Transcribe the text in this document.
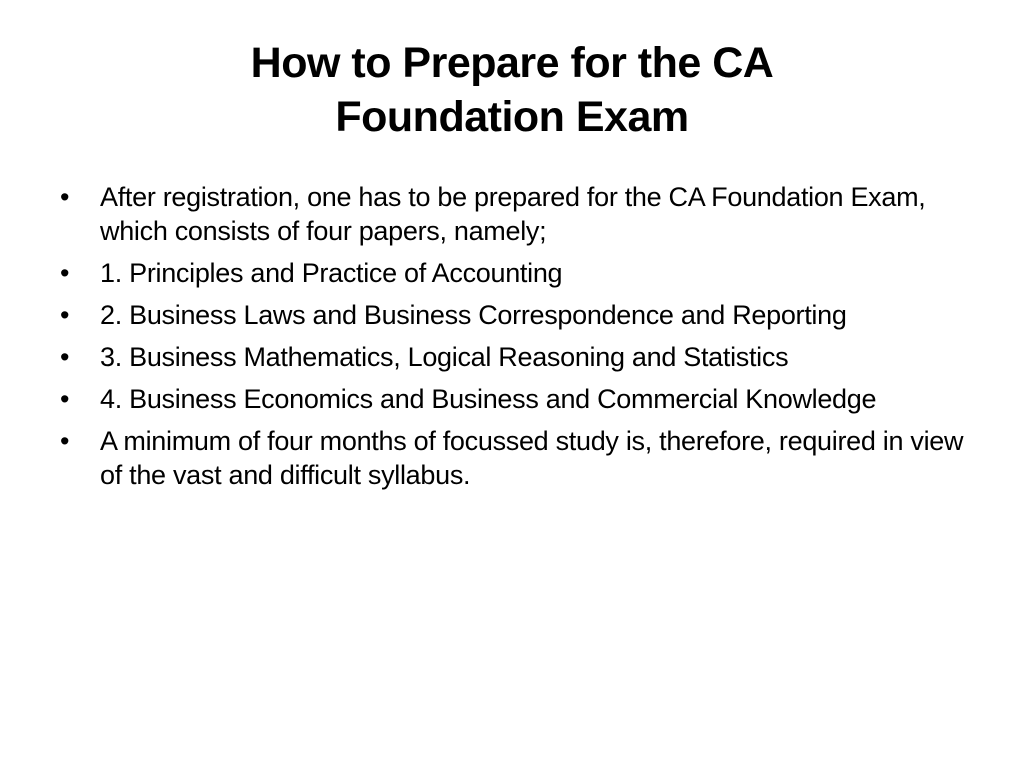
How to Prepare for the CA
Foundation Exam
• After registration, one has to be prepared for the CA Foundation Exam, which consists of four papers, namely;
• 1. Principles and Practice of Accounting
• 2. Business Laws and Business Correspondence and Reporting
• 3. Business Mathematics, Logical Reasoning and Statistics
• 4. Business Economics and Business and Commercial Knowledge
• A minimum of four months of focussed study is, therefore, required in view of the vast and difficult syllabus.
